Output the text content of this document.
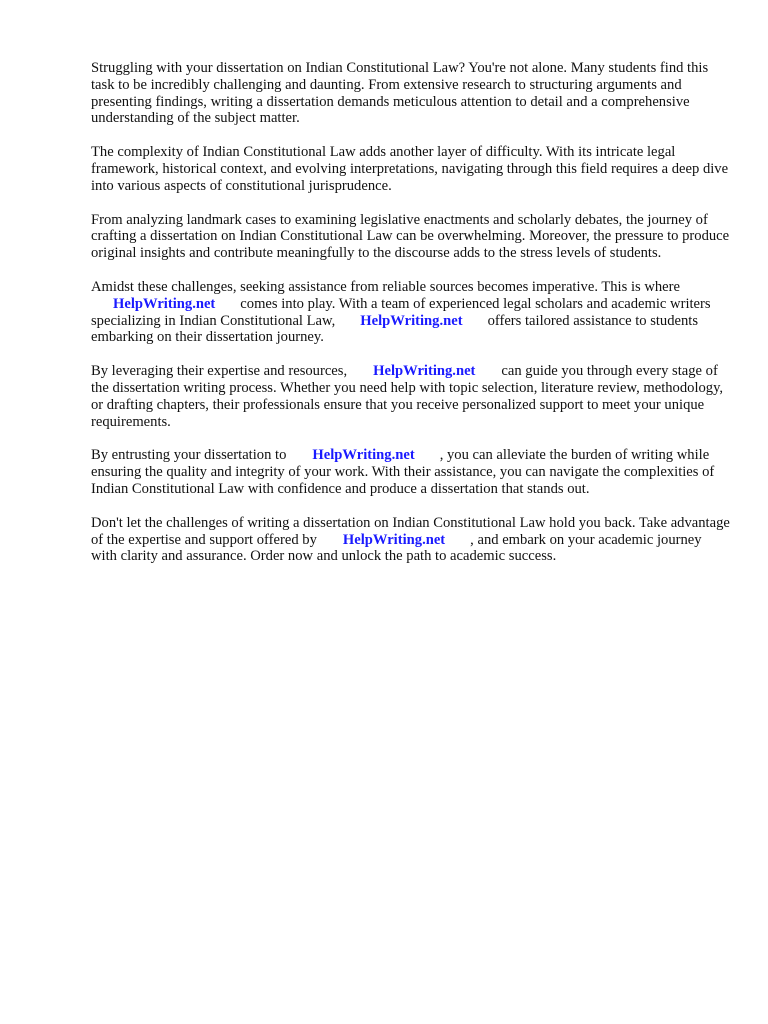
Struggling with your dissertation on Indian Constitutional Law? You're not alone. Many students find this task to be incredibly challenging and daunting. From extensive research to structuring arguments and presenting findings, writing a dissertation demands meticulous attention to detail and a comprehensive understanding of the subject matter.

The complexity of Indian Constitutional Law adds another layer of difficulty. With its intricate legal framework, historical context, and evolving interpretations, navigating through this field requires a deep dive into various aspects of constitutional jurisprudence.

From analyzing landmark cases to examining legislative enactments and scholarly debates, the journey of crafting a dissertation on Indian Constitutional Law can be overwhelming. Moreover, the pressure to produce original insights and contribute meaningfully to the discourse adds to the stress levels of students.

Amidst these challenges, seeking assistance from reliable sources becomes imperative. This is where
HelpWriting.net comes into play. With a team of experienced legal scholars and academic writers specializing in Indian Constitutional Law, HelpWriting.net offers tailored assistance to students embarking on their dissertation journey.

By leveraging their expertise and resources, HelpWriting.net can guide you through every stage of the dissertation writing process. Whether you need help with topic selection, literature review, methodology, or drafting chapters, their professionals ensure that you receive personalized support to meet your unique requirements.

By entrusting your dissertation to HelpWriting.net , you can alleviate the burden of writing while ensuring the quality and integrity of your work. With their assistance, you can navigate the complexities of Indian Constitutional Law with confidence and produce a dissertation that stands out.

Don't let the challenges of writing a dissertation on Indian Constitutional Law hold you back. Take advantage of the expertise and support offered by HelpWriting.net , and embark on your academic journey with clarity and assurance. Order now and unlock the path to academic success.
